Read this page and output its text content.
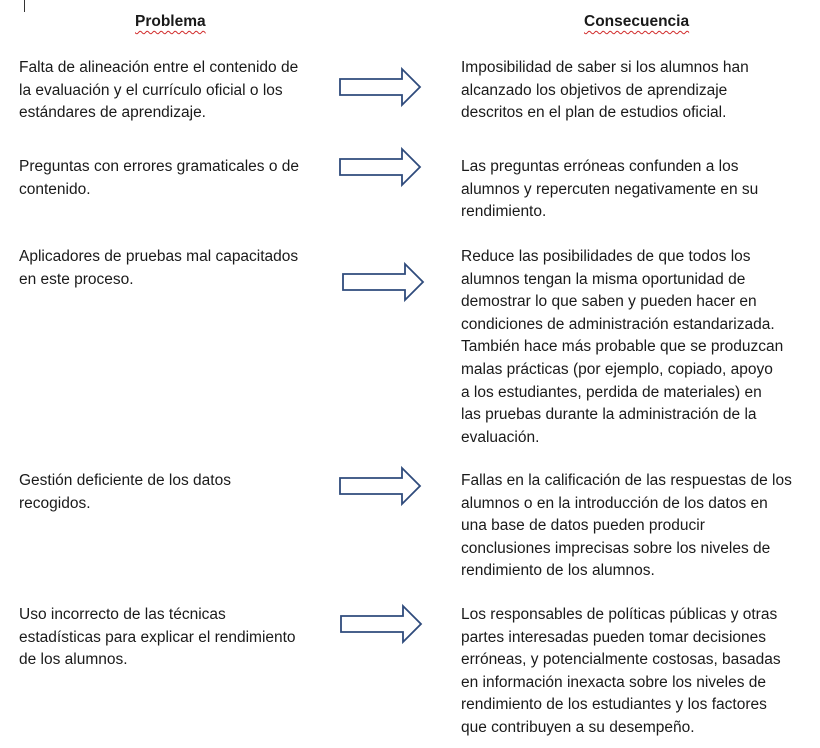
Problema	Consecuencia
Falta de alineación entre el contenido de
la evaluación y el currículo oficial o los
estándares de aprendizaje.
Imposibilidad de saber si los alumnos han
alcanzado los objetivos de aprendizaje
descritos en el plan de estudios oficial.
Preguntas con errores gramaticales o de
contenido.
Las preguntas erróneas confunden a los
alumnos y repercuten negativamente en su
rendimiento.
Aplicadores de pruebas mal capacitados
en este proceso.
Reduce las posibilidades de que todos los
alumnos tengan la misma oportunidad de
demostrar lo que saben y pueden hacer en
condiciones de administración estandarizada.
También hace más probable que se produzcan
malas prácticas (por ejemplo, copiado, apoyo
a los estudiantes, perdida de materiales) en
las pruebas durante la administración de la
evaluación.
Gestión deficiente de los datos
recogidos.
Fallas en la calificación de las respuestas de los
alumnos o en la introducción de los datos en
una base de datos pueden producir
conclusiones imprecisas sobre los niveles de
rendimiento de los alumnos.
Uso incorrecto de las técnicas
estadísticas para explicar el rendimiento
de los alumnos.
Los responsables de políticas públicas y otras
partes interesadas pueden tomar decisiones
erróneas, y potencialmente costosas, basadas
en información inexacta sobre los niveles de
rendimiento de los estudiantes y los factores
que contribuyen a su desempeño.
